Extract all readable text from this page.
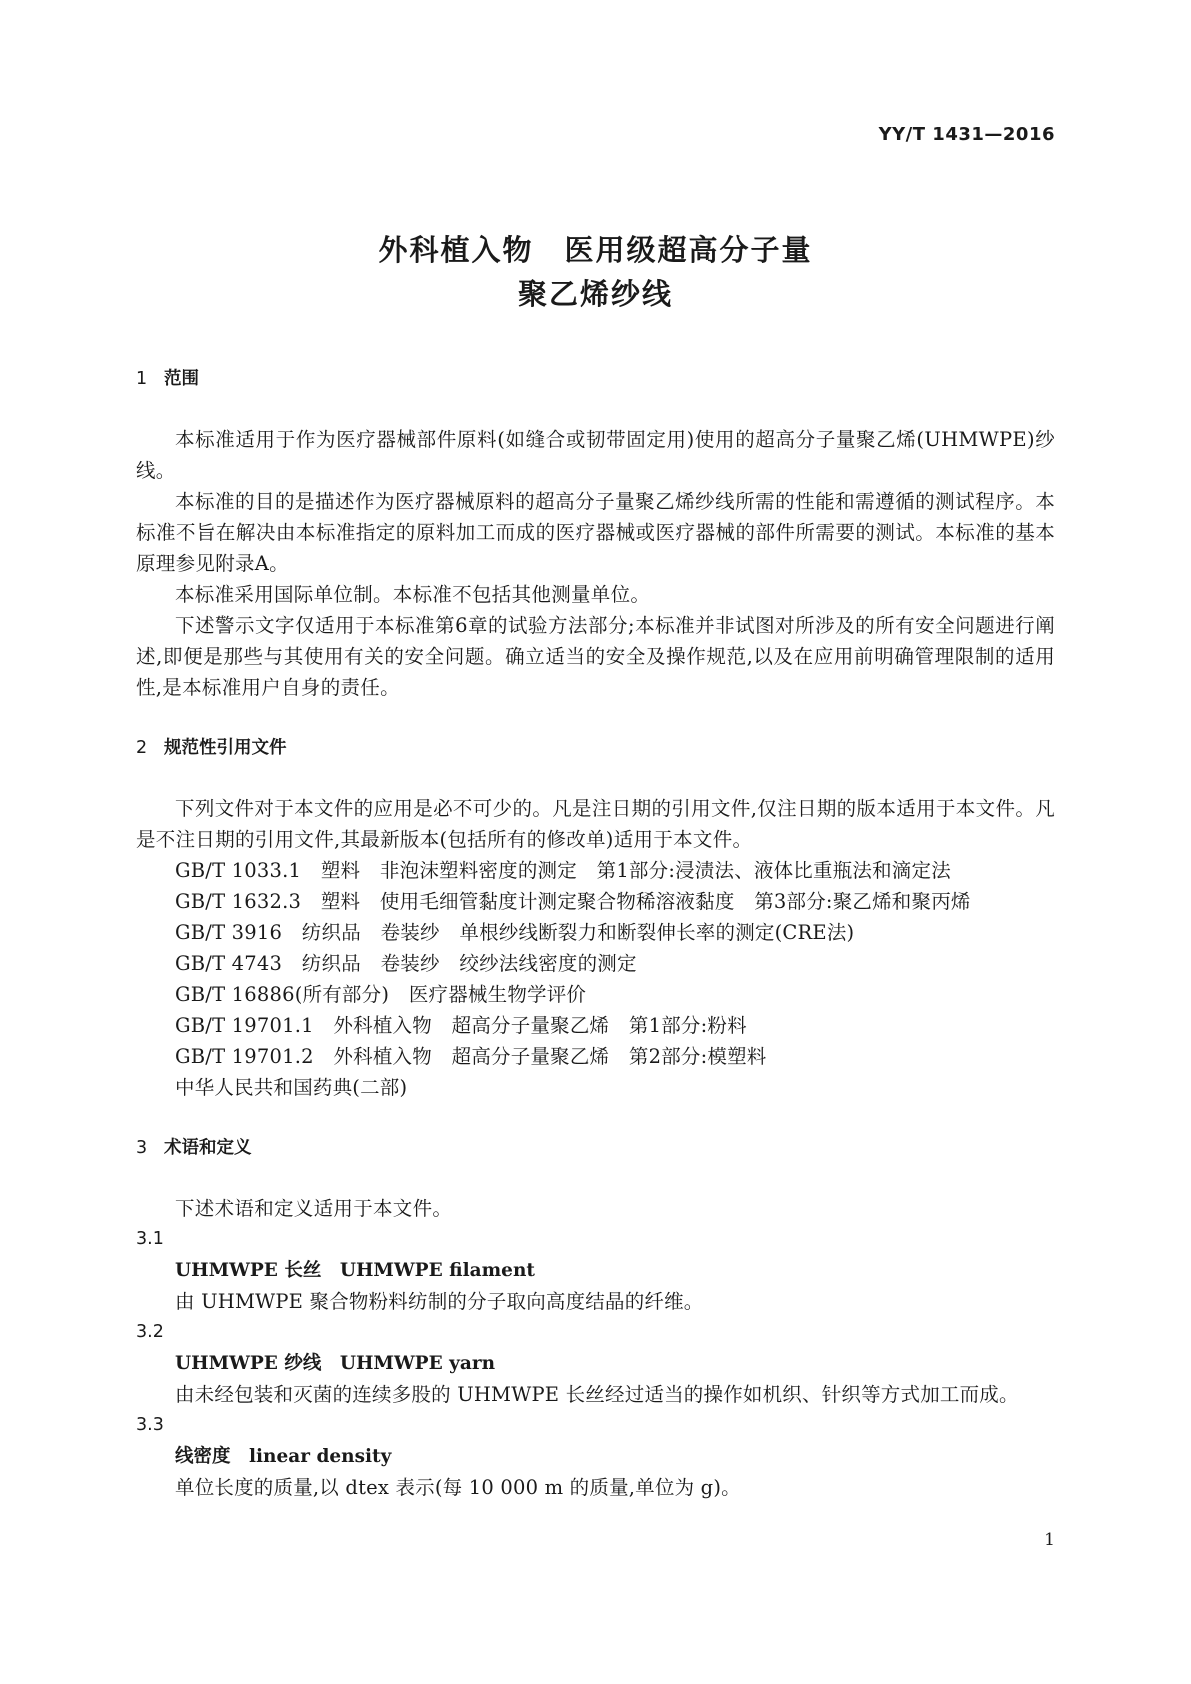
YY/T 1431—2016
外科植入物　医用级超高分子量
聚乙烯纱线
1 范围

本标准适用于作为医疗器械部件原料(如缝合或韧带固定用)使用的超高分子量聚乙烯(UHMWPE)纱线。

本标准的目的是描述作为医疗器械原料的超高分子量聚乙烯纱线所需的性能和需遵循的测试程序。本标准不旨在解决由本标准指定的原料加工而成的医疗器械或医疗器械的部件所需要的测试。本标准的基本原理参见附录A。

本标准采用国际单位制。本标准不包括其他测量单位。

下述警示文字仅适用于本标准第6章的试验方法部分;本标准并非试图对所涉及的所有安全问题进行阐述,即便是那些与其使用有关的安全问题。确立适当的安全及操作规范,以及在应用前明确管理限制的适用性,是本标准用户自身的责任。

2 规范性引用文件

下列文件对于本文件的应用是必不可少的。凡是注日期的引用文件,仅注日期的版本适用于本文件。凡是不注日期的引用文件,其最新版本(包括所有的修改单)适用于本文件。

GB/T 1033.1　塑料　非泡沫塑料密度的测定　第1部分:浸渍法、液体比重瓶法和滴定法
GB/T 1632.3　塑料　使用毛细管黏度计测定聚合物稀溶液黏度　第3部分:聚乙烯和聚丙烯
GB/T 3916　纺织品　卷装纱　单根纱线断裂力和断裂伸长率的测定(CRE法)
GB/T 4743　纺织品　卷装纱　绞纱法线密度的测定
GB/T 16886(所有部分)　医疗器械生物学评价
GB/T 19701.1　外科植入物　超高分子量聚乙烯　第1部分:粉料
GB/T 19701.2　外科植入物　超高分子量聚乙烯　第2部分:模塑料
中华人民共和国药典(二部)
3 术语和定义

下述术语和定义适用于本文件。

3.1
UHMWPE 长丝　UHMWPE filament
由 UHMWPE 聚合物粉料纺制的分子取向高度结晶的纤维。
3.2
UHMWPE 纱线　UHMWPE yarn
由未经包装和灭菌的连续多股的 UHMWPE 长丝经过适当的操作如机织、针织等方式加工而成。
3.3
线密度　linear density
单位长度的质量,以 dtex 表示(每 10 000 m 的质量,单位为 g)。
1
